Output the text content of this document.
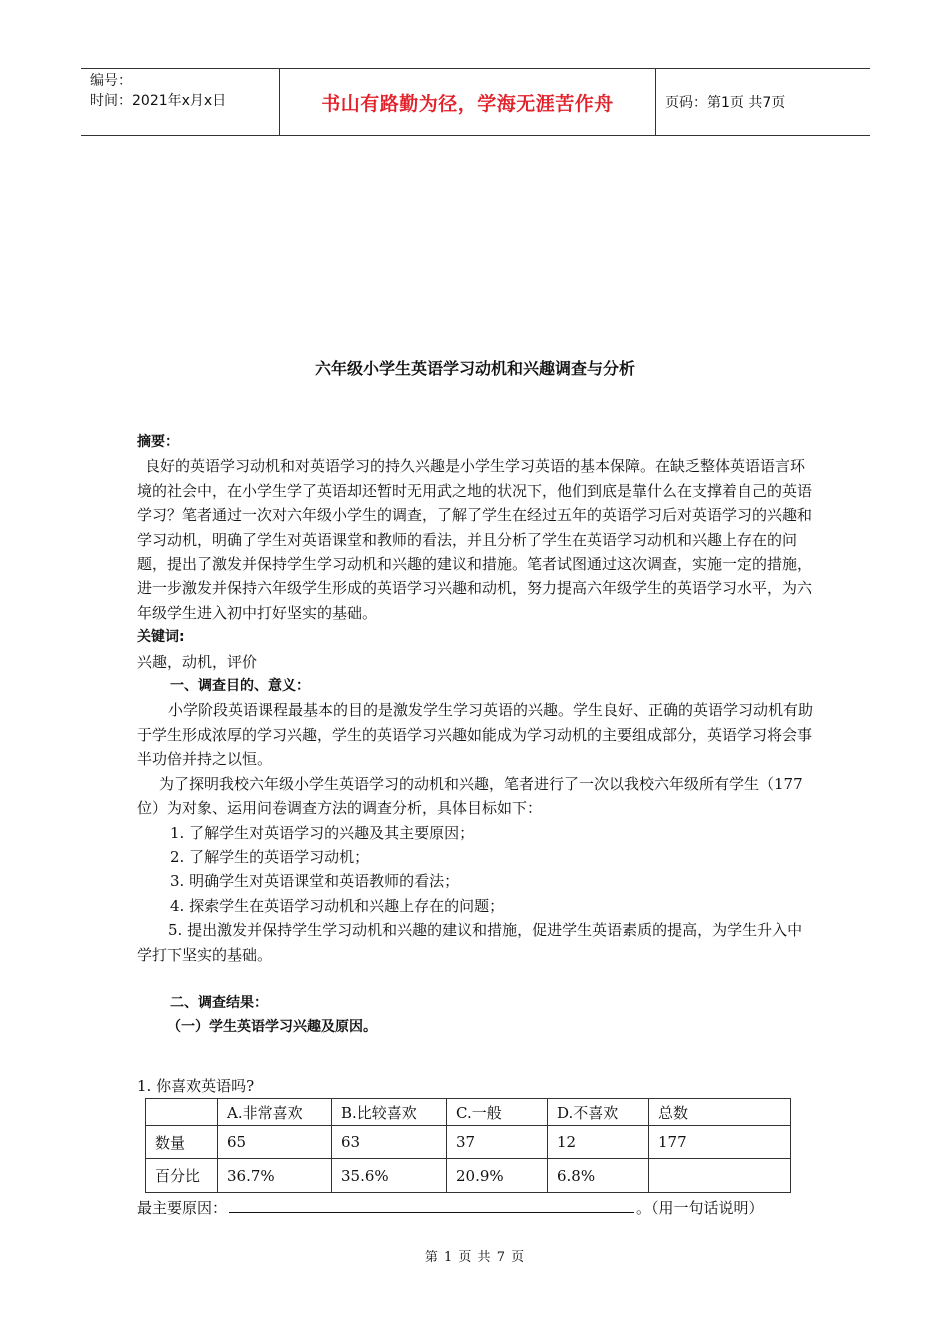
编号：
时间：2021年x月x日	书山有路勤为径，学海无涯苦作舟	页码：第1页 共7页
六年级小学生英语学习动机和兴趣调查与分析

摘要：

良好的英语学习动机和对英语学习的持久兴趣是小学生学习英语的基本保障。在缺乏整体英语语言环境的社会中，在小学生学了英语却还暂时无用武之地的状况下，他们到底是靠什么在支撑着自己的英语学习？笔者通过一次对六年级小学生的调查，了解了学生在经过五年的英语学习后对英语学习的兴趣和学习动机，明确了学生对英语课堂和教师的看法，并且分析了学生在英语学习动机和兴趣上存在的问题，提出了激发并保持学生学习动机和兴趣的建议和措施。笔者试图通过这次调查，实施一定的措施，进一步激发并保持六年级学生形成的英语学习兴趣和动机，努力提高六年级学生的英语学习水平，为六年级学生进入初中打好坚实的基础。

关键词:

兴趣，动机，评价

一、调查目的、意义：

小学阶段英语课程最基本的目的是激发学生学习英语的兴趣。学生良好、正确的英语学习动机有助于学生形成浓厚的学习兴趣，学生的英语学习兴趣如能成为学习动机的主要组成部分，英语学习将会事半功倍并持之以恒。

为了探明我校六年级小学生英语学习的动机和兴趣，笔者进行了一次以我校六年级所有学生（177位）为对象、运用问卷调查方法的调查分析，具体目标如下：

1. 了解学生对英语学习的兴趣及其主要原因；

2. 了解学生的英语学习动机；

3. 明确学生对英语课堂和英语教师的看法；

4. 探索学生在英语学习动机和兴趣上存在的问题；

5. 提出激发并保持学生学习动机和兴趣的建议和措施，促进学生英语素质的提高，为学生升入中学打下坚实的基础。

二、调查结果：

（一）学生英语学习兴趣及原因。

1. 你喜欢英语吗?
	A.非常喜欢	B.比较喜欢	C.一般	D.不喜欢	总数
数量	65	63	37	12	177
百分比	36.7%	35.6%	20.9%	6.8%	
最主要原因：	。（用一句话说明）
第 1 页 共 7 页
